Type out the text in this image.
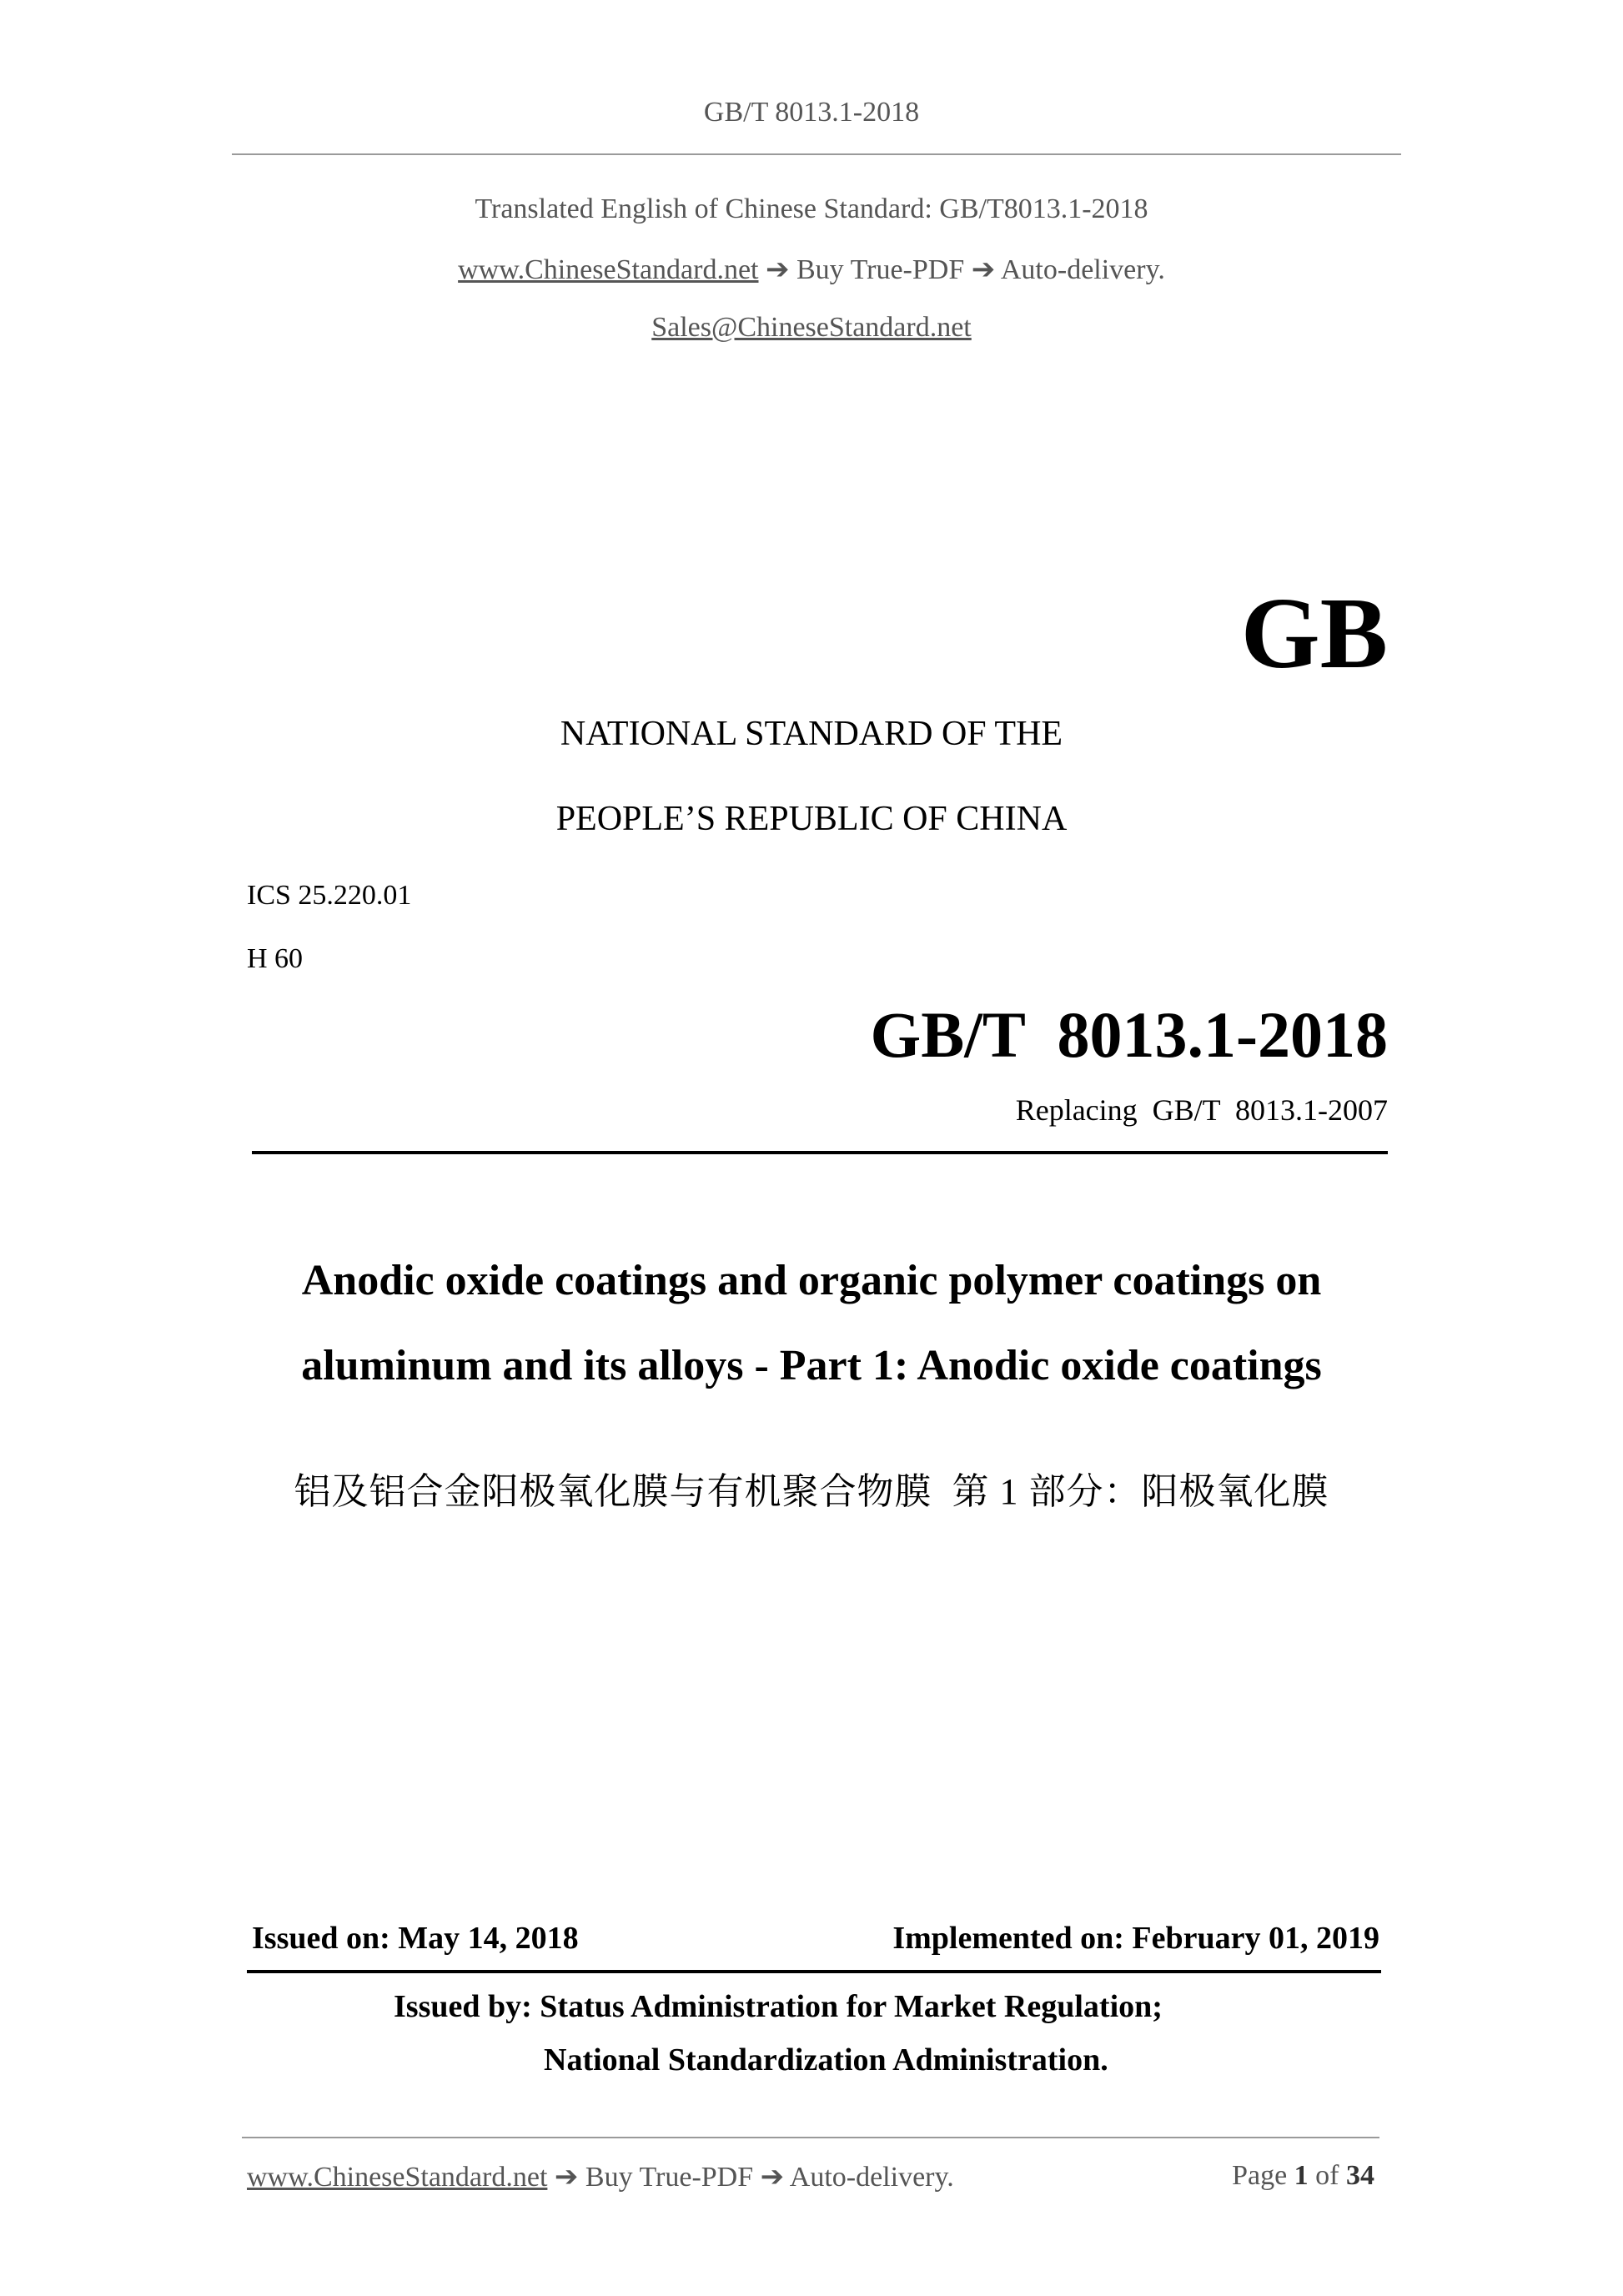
GB/T 8013.1-2018
Translated English of Chinese Standard: GB/T8013.1-2018
www.ChineseStandard.net ➔ Buy True-PDF ➔ Auto-delivery.
Sales@ChineseStandard.net
GB
NATIONAL STANDARD OF THE
PEOPLE’S REPUBLIC OF CHINA
ICS 25.220.01
H 60
GB/T  8013.1-2018
Replacing  GB/T  8013.1-2007
Anodic oxide coatings and organic polymer coatings on
aluminum and its alloys - Part 1: Anodic oxide coatings
铝及铝合金阳极氧化膜与有机聚合物膜  第 1 部分：阳极氧化膜
Issued on: May 14, 2018	Implemented on: February 01, 2019
Issued by: Status Administration for Market Regulation;
National Standardization Administration.
www.ChineseStandard.net ➔ Buy True-PDF ➔ Auto-delivery.	Page 1 of 34
